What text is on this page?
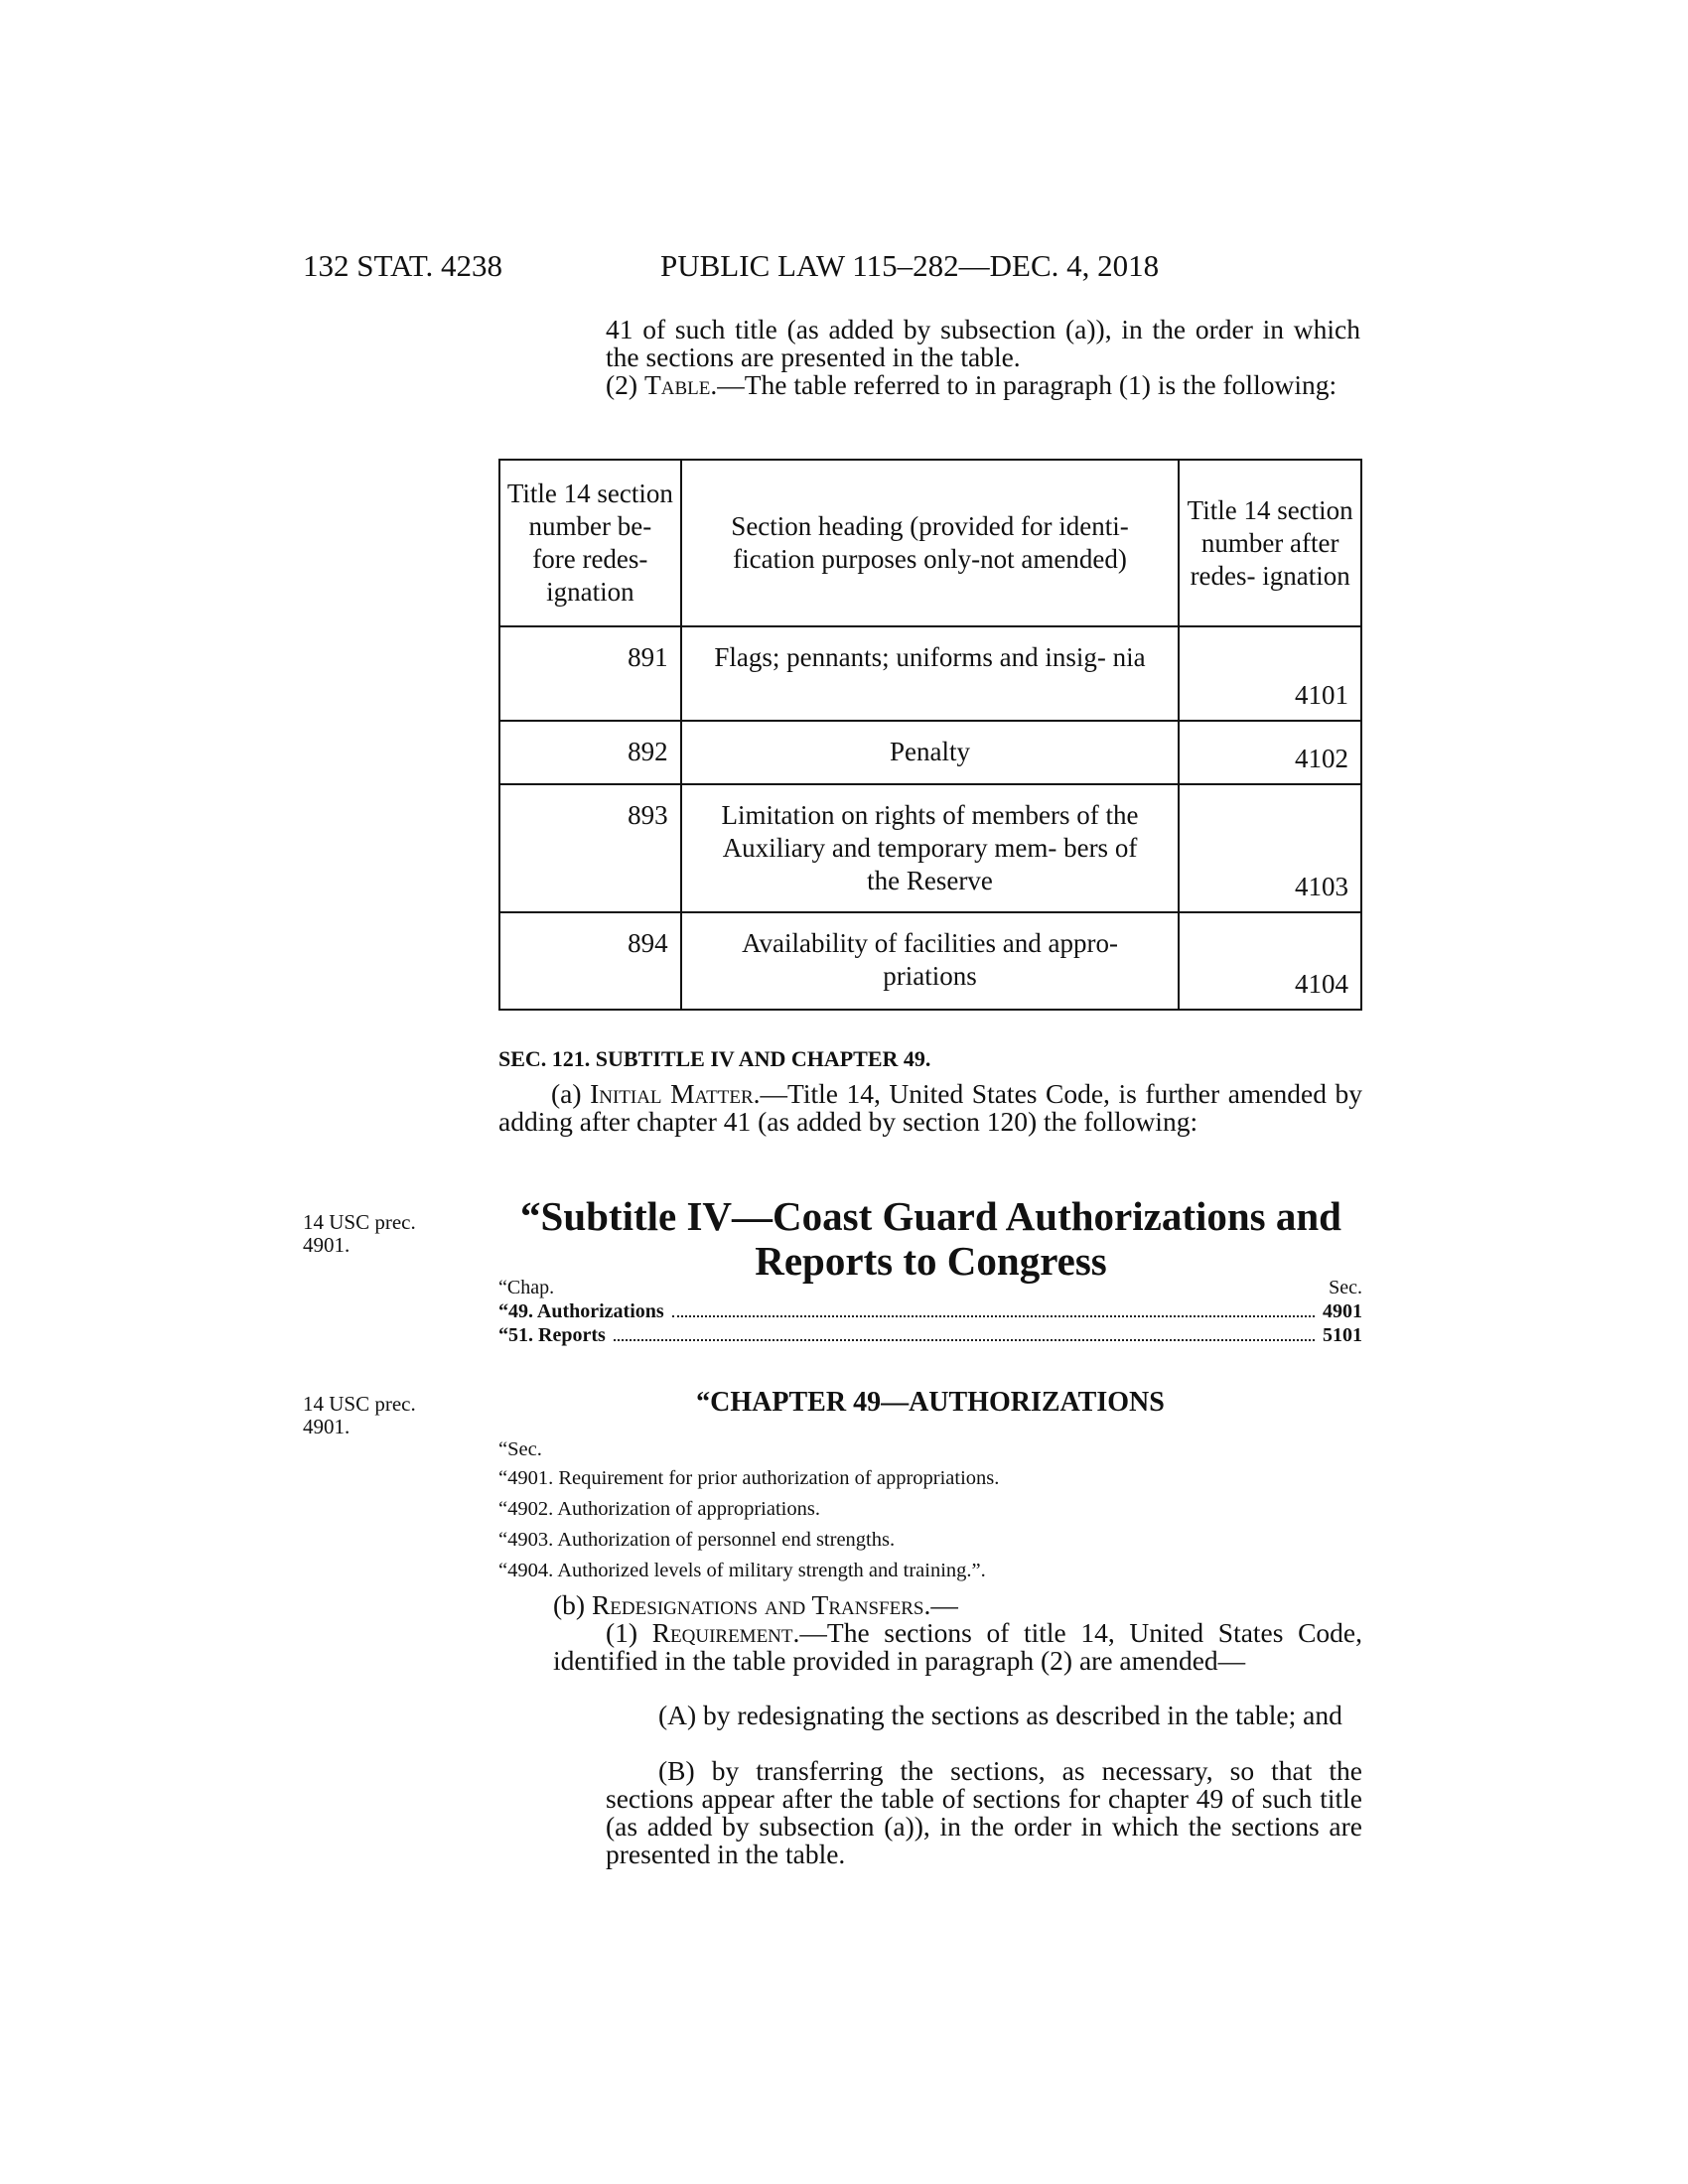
132 STAT. 4238	PUBLIC LAW 115–282—DEC. 4, 2018
41 of such title (as added by subsection (a)), in the order in which the sections are presented in the table.
(2) Table.—The table referred to in paragraph (1) is the following:
Title 14 section number be- fore redes- ignation	Section heading (provided for identi- fication purposes only-not amended)	Title 14 section number after redes- ignation
891	Flags; pennants; uniforms and insig- nia	4101
892	Penalty	4102
893	Limitation on rights of members of the Auxiliary and temporary mem- bers of the Reserve	4103
894	Availability of facilities and appro- priations	4104
SEC. 121. SUBTITLE IV AND CHAPTER 49.
(a) Initial Matter.—Title 14, United States Code, is further amended by adding after chapter 41 (as added by section 120) the following:
14 USC prec. 4901.
14 USC prec. 4901.
“Subtitle IV—Coast Guard Authorizations and Reports to Congress
“Chap.	Sec.
“49. Authorizations	4901
“51. Reports	5101
“CHAPTER 49—AUTHORIZATIONS
“Sec.
“4901. Requirement for prior authorization of appropriations.
“4902. Authorization of appropriations.
“4903. Authorization of personnel end strengths.
“4904. Authorized levels of military strength and training.”.
(b) Redesignations and Transfers.—
(1) Requirement.—The sections of title 14, United States Code, identified in the table provided in paragraph (2) are amended—
(A) by redesignating the sections as described in the table; and
(B) by transferring the sections, as necessary, so that the sections appear after the table of sections for chapter 49 of such title (as added by subsection (a)), in the order in which the sections are presented in the table.
